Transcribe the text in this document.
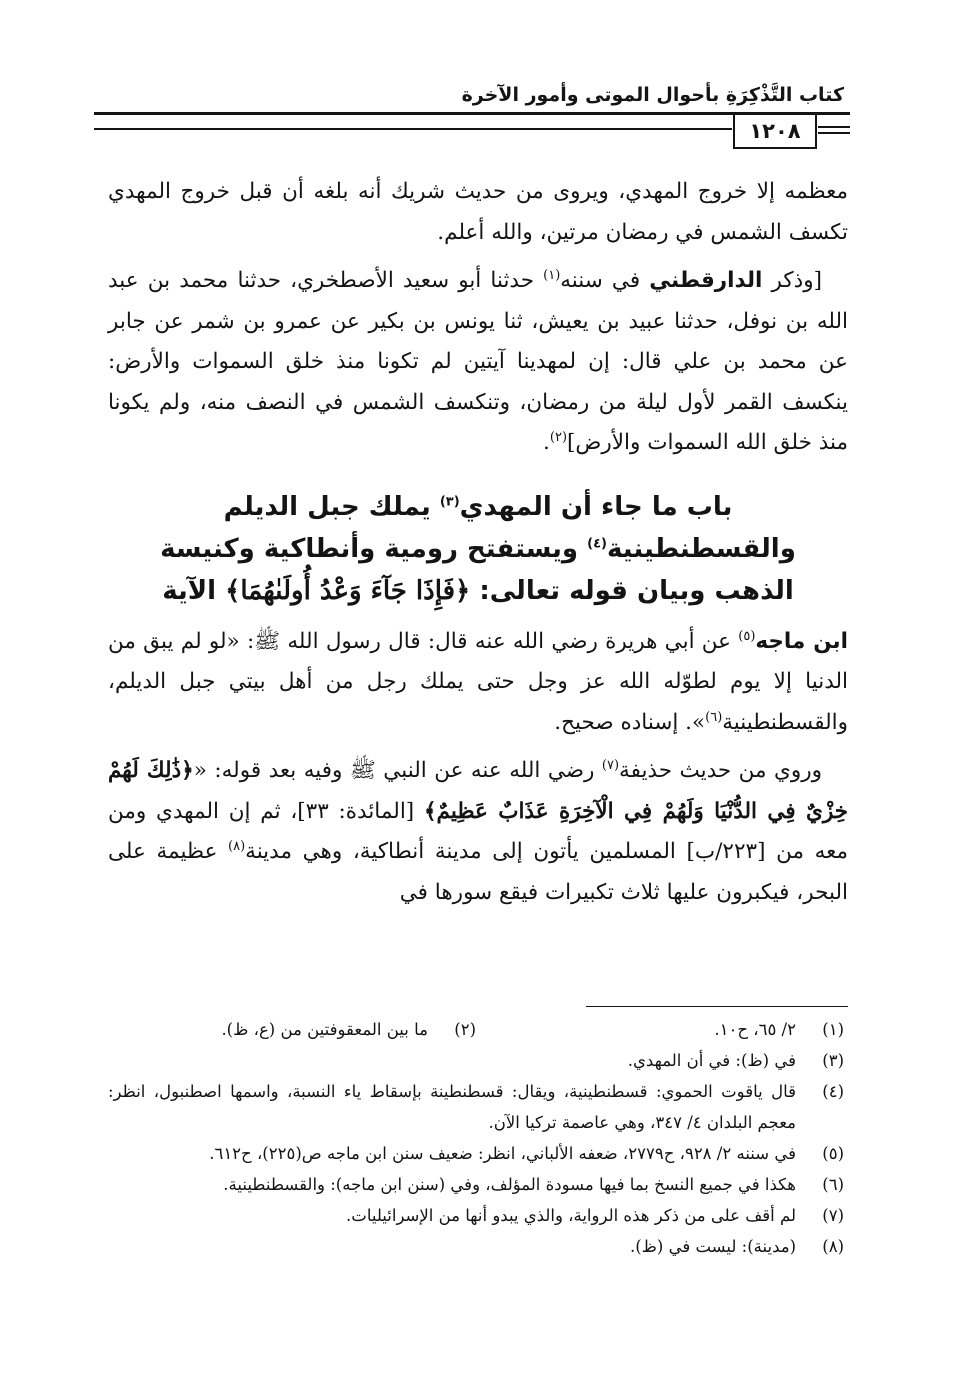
كتاب التَّذْكِرَةِ بأحوال الموتى وأمور الآخرة
١٢٠٨

معظمه إلا خروج المهدي، ويروى من حديث شريك أنه بلغه أن قبل خروج المهدي تكسف الشمس في رمضان مرتين، والله أعلم.

[وذكر الدارقطني في سننه$^{(١)}$ حدثنا أبو سعيد الأصطخري، حدثنا محمد بن عبد الله بن نوفل، حدثنا عبيد بن يعيش، ثنا يونس بن بكير عن عمرو بن شمر عن جابر عن محمد بن علي قال: إن لمهدينا آيتين لم تكونا منذ خلق السموات والأرض: ينكسف القمر لأول ليلة من رمضان، وتنكسف الشمس في النصف منه، ولم يكونا منذ خلق الله السموات والأرض]$^{(٢)}$.

باب ما جاء أن المهدي$^{(٣)}$ يملك جبل الديلم والقسطنطينية$^{(٤)}$ ويستفتح رومية وأنطاكية وكنيسة الذهب وبيان قوله تعالى: ﴿فَإِذَا جَآءَ وَعْدُ أُولَىٰهُمَا﴾ الآية

ابن ماجه$^{(٥)}$ عن أبي هريرة رضي الله عنه قال: قال رسول الله ﷺ: «لو لم يبق من الدنيا إلا يوم لطوّله الله عز وجل حتى يملك رجل من أهل بيتي جبل الديلم، والقسطنطينية$^{(٦)}$». إسناده صحيح.

وروي من حديث حذيفة$^{(٧)}$ رضي الله عنه عن النبي ﷺ وفيه بعد قوله: «﴿ذَٰلِكَ لَهُمْ خِزْيٌ فِي الدُّنْيَا وَلَهُمْ فِي الْآخِرَةِ عَذَابٌ عَظِيمٌ﴾ [المائدة: ٣٣]، ثم إن المهدي ومن معه من [٢٢٣/ب] المسلمين يأتون إلى مدينة أنطاكية، وهي مدينة$^{(٨)}$ عظيمة على البحر، فيكبرون عليها ثلاث تكبيرات فيقع سورها في

(١)
٢/ ٦٥، ح١٠.
(٢)
ما بين المعقوفتين من (ع، ظ).
(٣)
في (ظ): في أن المهدي.
(٤)
قال ياقوت الحموي: قسطنطينية، ويقال: قسطنطينة بإسقاط ياء النسبة، واسمها اصطنبول، انظر: معجم البلدان ٤/ ٣٤٧، وهي عاصمة تركيا الآن.
(٥)
في سننه ٢/ ٩٢٨، ح٢٧٧٩، ضعفه الألباني، انظر: ضعيف سنن ابن ماجه ص(٢٢٥)، ح٦١٢.
(٦)
هكذا في جميع النسخ بما فيها مسودة المؤلف، وفي (سنن ابن ماجه): والقسطنطينية.
(٧)
لم أقف على من ذكر هذه الرواية، والذي يبدو أنها من الإسرائيليات.
(٨)
(مدينة): ليست في (ظ).
